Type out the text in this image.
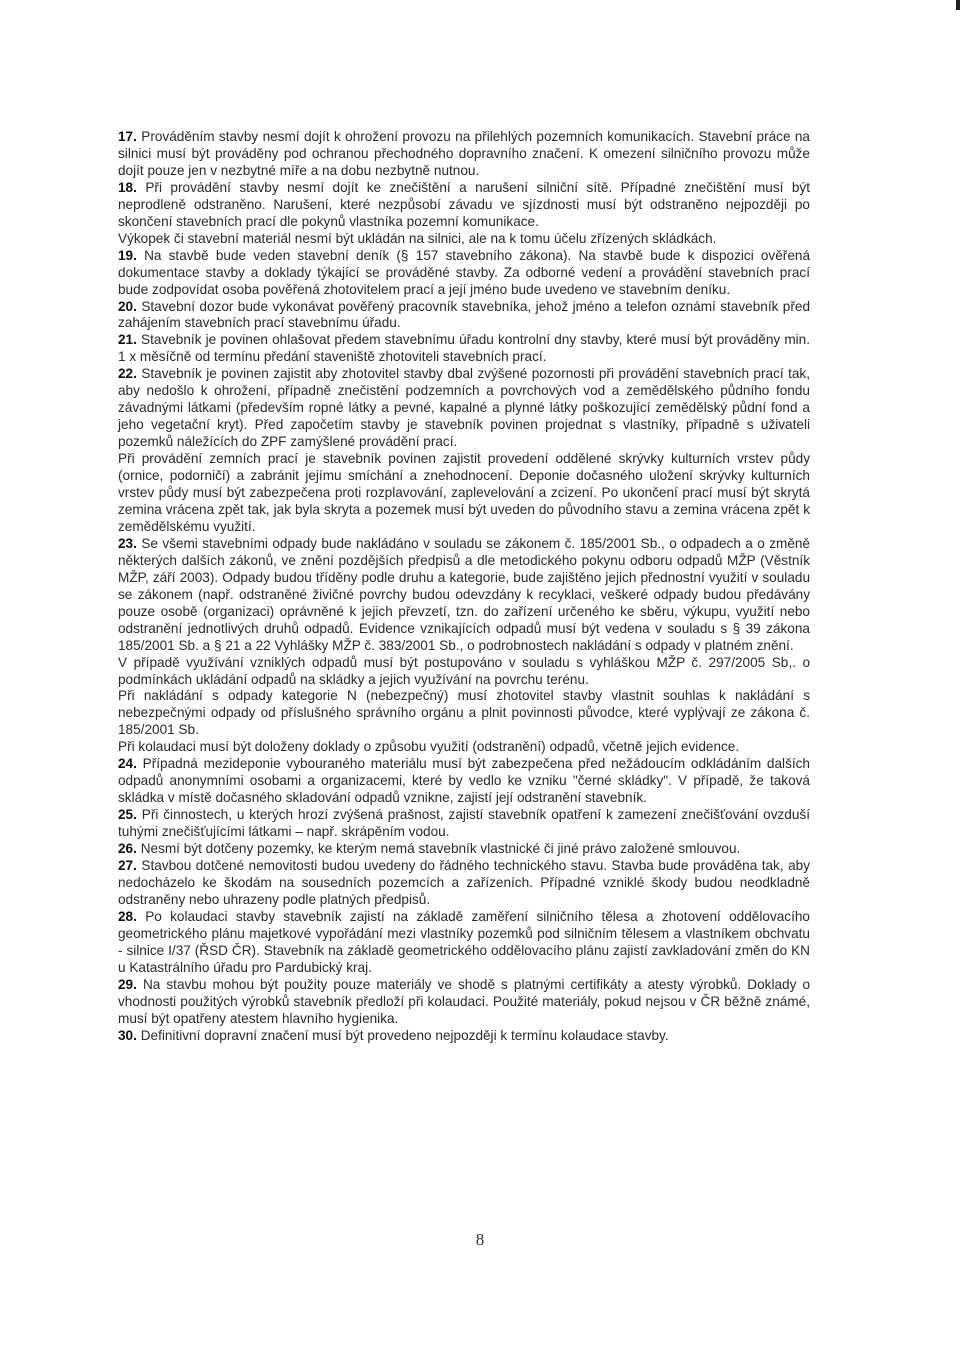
17. Prováděním stavby nesmí dojít k ohrožení provozu na přilehlých pozemních komunikacích. Stavební práce na silnici musí být prováděny pod ochranou přechodného dopravního značení. K omezení silničního provozu může dojít pouze jen v nezbytné míře a na dobu nezbytně nutnou.

18. Při provádění stavby nesmí dojít ke znečištění a narušení silniční sítě. Případné znečištění musí být neprodleně odstraněno. Narušení, které nezpůsobí závadu ve sjízdnosti musí být odstraněno nejpozději po skončení stavebních prací dle pokynů vlastníka pozemní komunikace.

Výkopek či stavební materiál nesmí být ukládán na silnici, ale na k tomu účelu zřízených skládkách.

19. Na stavbě bude veden stavební deník (§ 157 stavebního zákona). Na stavbě bude k dispozici ověřená dokumentace stavby a doklady týkající se prováděné stavby. Za odborné vedení a provádění stavebních prací bude zodpovídat osoba pověřená zhotovitelem prací a její jméno bude uvedeno ve stavebním deníku.

20. Stavební dozor bude vykonávat pověřený pracovník stavebníka, jehož jméno a telefon oznámí stavebník před zahájením stavebních prací stavebnímu úřadu.

21. Stavebník je povinen ohlašovat předem stavebnímu úřadu kontrolní dny stavby, které musí být prováděny min. 1 x měsíčně od termínu předání staveniště zhotoviteli stavebních prací.

22. Stavebník je povinen zajistit aby zhotovitel stavby dbal zvýšené pozornosti při provádění stavebních prací tak, aby nedošlo k ohrožení, případně znečistění podzemních a povrchových vod a zemědělského půdního fondu závadnými látkami (především ropné látky a pevné, kapalné a plynné látky poškozující zemědělský půdní fond a jeho vegetační kryt). Před započetím stavby je stavebník povinen projednat s vlastníky, případně s uživateli pozemků náležících do ZPF zamýšlené provádění prací.

Při provádění zemních prací je stavebník povinen zajistit provedení oddělené skrývky kulturních vrstev půdy (ornice, podorničí) a zabránit jejímu smíchání a znehodnocení. Deponie dočasného uložení skrývky kulturních vrstev půdy musí být zabezpečena proti rozplavování, zaplevelování a zcizení. Po ukončení prací musí být skrytá zemina vrácena zpět tak, jak byla skryta a pozemek musí být uveden do původního stavu a zemina vrácena zpět k zemědělskému využití.

23. Se všemi stavebními odpady bude nakládáno v souladu se zákonem č. 185/2001 Sb., o odpadech a o změně některých dalších zákonů, ve znění pozdějších předpisů a dle metodického pokynu odboru odpadů MŽP (Věstník MŽP, září 2003). Odpady budou tříděny podle druhu a kategorie, bude zajištěno jejich přednostní využití v souladu se zákonem (např. odstraněné živičné povrchy budou odevzdány k recyklaci, veškeré odpady budou předávány pouze osobě (organizaci) oprávněné k jejich převzetí, tzn. do zařízení určeného ke sběru, výkupu, využití nebo odstranění jednotlivých druhů odpadů. Evidence vznikajících odpadů musí být vedena v souladu s § 39 zákona 185/2001 Sb. a § 21 a 22 Vyhlášky MŽP č. 383/2001 Sb., o podrobnostech nakládání s odpady v platném znění.

V případě využívání vzniklých odpadů musí být postupováno v souladu s vyhláškou MŽP č. 297/2005 Sb,. o podmínkách ukládání odpadů na skládky a jejich využívání na povrchu terénu.

Při nakládání s odpady kategorie N (nebezpečný) musí zhotovitel stavby vlastnit souhlas k nakládání s nebezpečnými odpady od příslušného správního orgánu a plnit povinnosti původce, které vyplývají ze zákona č. 185/2001 Sb.

Při kolaudaci musí být doloženy doklady o způsobu využití (odstranění) odpadů, včetně jejich evidence.

24. Případná mezideponie vybouraného materiálu musí být zabezpečena před nežádoucím odkládáním dalších odpadů anonymními osobami a organizacemi, které by vedlo ke vzniku "černé skládky". V případě, že taková skládka v místě dočasného skladování odpadů vznikne, zajistí její odstranění stavebník.

25. Při činnostech, u kterých hrozí zvýšená prašnost, zajistí stavebník opatření k zamezení znečišťování ovzduší tuhými znečišťujícími látkami – např. skrápěním vodou.

26. Nesmí být dotčeny pozemky, ke kterým nemá stavebník vlastnické či jiné právo založené smlouvou.

27. Stavbou dotčené nemovitosti budou uvedeny do řádného technického stavu. Stavba bude prováděna tak, aby nedocházelo ke škodám na sousedních pozemcích a zařízeních. Případné vzniklé škody budou neodkladně odstraněny nebo uhrazeny podle platných předpisů.

28. Po kolaudaci stavby stavebník zajistí na základě zaměření silničního tělesa a zhotovení oddělovacího geometrického plánu majetkové vypořádání mezi vlastníky pozemků pod silničním tělesem a vlastníkem obchvatu - silnice I/37 (ŘSD ČR). Stavebník na základě geometrického oddělovacího plánu zajistí zavkladování změn do KN u Katastrálního úřadu pro Pardubický kraj.

29. Na stavbu mohou být použity pouze materiály ve shodě s platnými certifikáty a atesty výrobků. Doklady o vhodnosti použitých výrobků stavebník předloží při kolaudaci. Použité materiály, pokud nejsou v ČR běžně známé, musí být opatřeny atestem hlavního hygienika.

30. Definitivní dopravní značení musí být provedeno nejpozději k termínu kolaudace stavby.

8
